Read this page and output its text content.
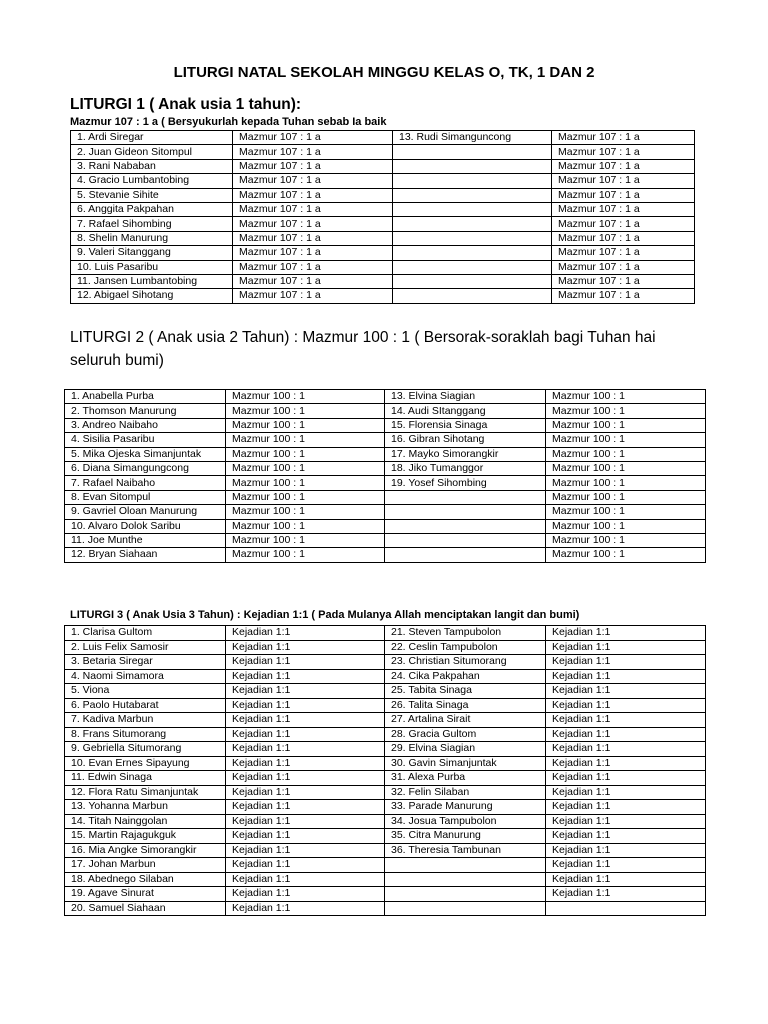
LITURGI NATAL SEKOLAH MINGGU KELAS O, TK, 1 DAN 2
LITURGI 1 ( Anak usia 1 tahun):
Mazmur 107 : 1 a ( Bersyukurlah kepada Tuhan sebab Ia baik
1. Ardi Siregar	Mazmur 107 : 1 a	13. Rudi Simanguncong	Mazmur 107 : 1 a
2. Juan Gideon Sitompul	Mazmur 107 : 1 a		Mazmur 107 : 1 a
3. Rani Nababan	Mazmur 107 : 1 a		Mazmur 107 : 1 a
4. Gracio Lumbantobing	Mazmur 107 : 1 a		Mazmur 107 : 1 a
5. Stevanie Sihite	Mazmur 107 : 1 a		Mazmur 107 : 1 a
6. Anggita Pakpahan	Mazmur 107 : 1 a		Mazmur 107 : 1 a
7. Rafael Sihombing	Mazmur 107 : 1 a		Mazmur 107 : 1 a
8. Shelin Manurung	Mazmur 107 : 1 a		Mazmur 107 : 1 a
9. Valeri Sitanggang	Mazmur 107 : 1 a		Mazmur 107 : 1 a
10. Luis Pasaribu	Mazmur 107 : 1 a		Mazmur 107 : 1 a
11. Jansen Lumbantobing	Mazmur 107 : 1 a		Mazmur 107 : 1 a
12. Abigael Sihotang	Mazmur 107 : 1 a		Mazmur 107 : 1 a
LITURGI 2 ( Anak usia 2 Tahun) : Mazmur 100 : 1 ( Bersorak-soraklah bagi Tuhan hai seluruh bumi)
1. Anabella Purba	Mazmur 100 : 1	13. Elvina Siagian	Mazmur 100 : 1
2. Thomson Manurung	Mazmur 100 : 1	14. Audi SItanggang	Mazmur 100 : 1
3. Andreo Naibaho	Mazmur 100 : 1	15. Florensia Sinaga	Mazmur 100 : 1
4. Sisilia Pasaribu	Mazmur 100 : 1	16. Gibran Sihotang	Mazmur 100 : 1
5. Mika Ojeska Simanjuntak	Mazmur 100 : 1	17. Mayko Simorangkir	Mazmur 100 : 1
6. Diana Simangungcong	Mazmur 100 : 1	18. Jiko Tumanggor	Mazmur 100 : 1
7. Rafael Naibaho	Mazmur 100 : 1	19. Yosef Sihombing	Mazmur 100 : 1
8. Evan Sitompul	Mazmur 100 : 1		Mazmur 100 : 1
9. Gavriel Oloan Manurung	Mazmur 100 : 1		Mazmur 100 : 1
10. Alvaro Dolok Saribu	Mazmur 100 : 1		Mazmur 100 : 1
11. Joe Munthe	Mazmur 100 : 1		Mazmur 100 : 1
12. Bryan Siahaan	Mazmur 100 : 1		Mazmur 100 : 1
LITURGI 3 ( Anak Usia 3 Tahun) : Kejadian 1:1 ( Pada Mulanya Allah menciptakan langit dan bumi)
1. Clarisa Gultom	Kejadian 1:1	21. Steven Tampubolon	Kejadian 1:1
2. Luis Felix Samosir	Kejadian 1:1	22. Ceslin Tampubolon	Kejadian 1:1
3. Betaria Siregar	Kejadian 1:1	23. Christian Situmorang	Kejadian 1:1
4. Naomi Simamora	Kejadian 1:1	24. Cika Pakpahan	Kejadian 1:1
5. Viona	Kejadian 1:1	25. Tabita Sinaga	Kejadian 1:1
6. Paolo Hutabarat	Kejadian 1:1	26. Talita Sinaga	Kejadian 1:1
7. Kadiva Marbun	Kejadian 1:1	27. Artalina Sirait	Kejadian 1:1
8. Frans Situmorang	Kejadian 1:1	28. Gracia Gultom	Kejadian 1:1
9. Gebriella Situmorang	Kejadian 1:1	29. Elvina Siagian	Kejadian 1:1
10. Evan Ernes Sipayung	Kejadian 1:1	30. Gavin Simanjuntak	Kejadian 1:1
11. Edwin Sinaga	Kejadian 1:1	31. Alexa Purba	Kejadian 1:1
12. Flora Ratu Simanjuntak	Kejadian 1:1	32. Felin Silaban	Kejadian 1:1
13. Yohanna Marbun	Kejadian 1:1	33. Parade Manurung	Kejadian 1:1
14. Titah Nainggolan	Kejadian 1:1	34. Josua Tampubolon	Kejadian 1:1
15. Martin Rajagukguk	Kejadian 1:1	35. Citra Manurung	Kejadian 1:1
16. Mia Angke Simorangkir	Kejadian 1:1	36. Theresia Tambunan	Kejadian 1:1
17. Johan Marbun	Kejadian 1:1		Kejadian 1:1
18. Abednego Silaban	Kejadian 1:1		Kejadian 1:1
19. Agave Sinurat	Kejadian 1:1		Kejadian 1:1
20. Samuel Siahaan	Kejadian 1:1		
